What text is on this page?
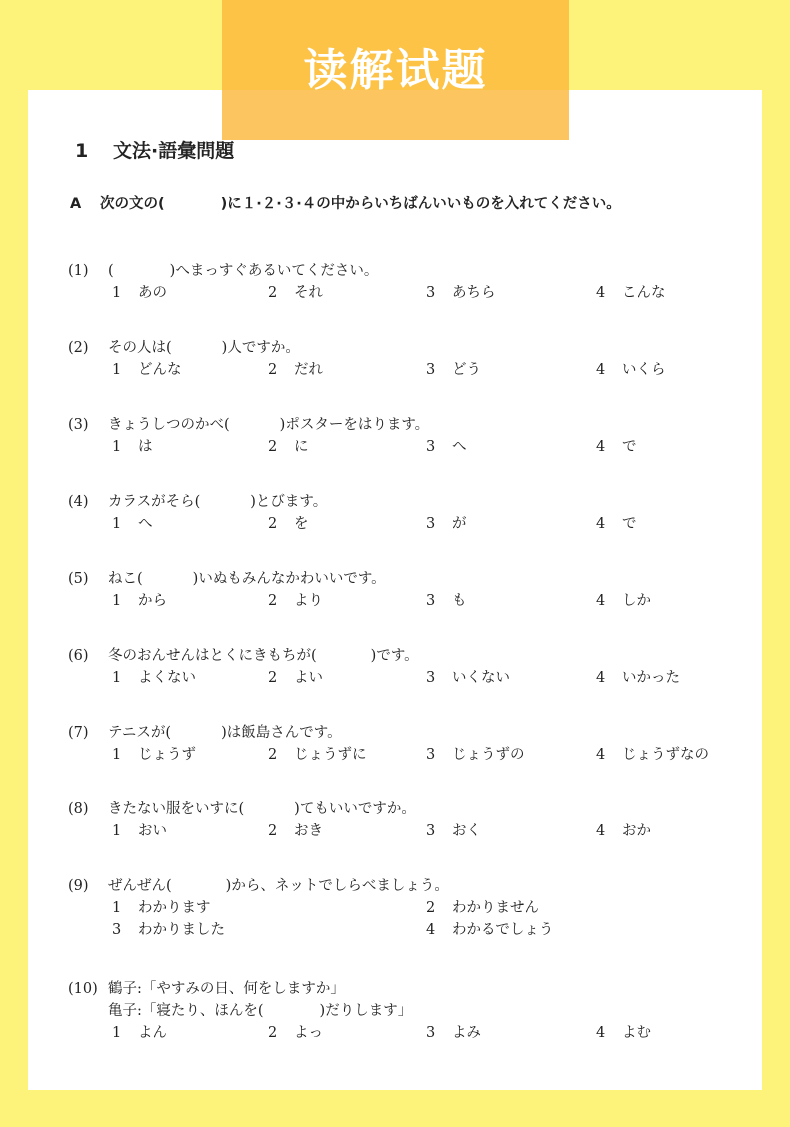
读解试题
1 文法·語彙問題
A 次の文の(	)に１·２·３·４の中からいちばんいいものを入れてください。
(1)	(	)へまっすぐあるいてください。
1 あの	2 それ	3 あちら	4 こんな
(2)	その人は(	)人ですか。
1 どんな	2 だれ	3 どう	4 いくら
(3)	きょうしつのかべ(	)ポスターをはります。
1 は	2 に	3 へ	4 で
(4)	カラスがそら(	)とびます。
1 へ	2 を	3 が	4 で
(5)	ねこ(	)いぬもみんなかわいいです。
1 から	2 より	3 も	4 しか
(6)	冬のおんせんはとくにきもちが(	)です。
1 よくない	2 よい	3 いくない	4 いかった
(7)	テニスが(	)は飯島さんです。
1 じょうず	2 じょうずに	3 じょうずの	4 じょうずなの
(8)	きたない服をいすに(	)てもいいですか。
1 おい	2 おき	3 おく	4 おか
(9)	ぜんぜん(	)から、ネットでしらべましょう。
1 わかります	2 わかりません
3 わかりました	4 わかるでしょう
(10) 鶴子:「やすみの日、何をしますか」
亀子:「寝たり、ほんを(	)だりします」
1 よん	2 よっ	3 よみ	4 よむ
